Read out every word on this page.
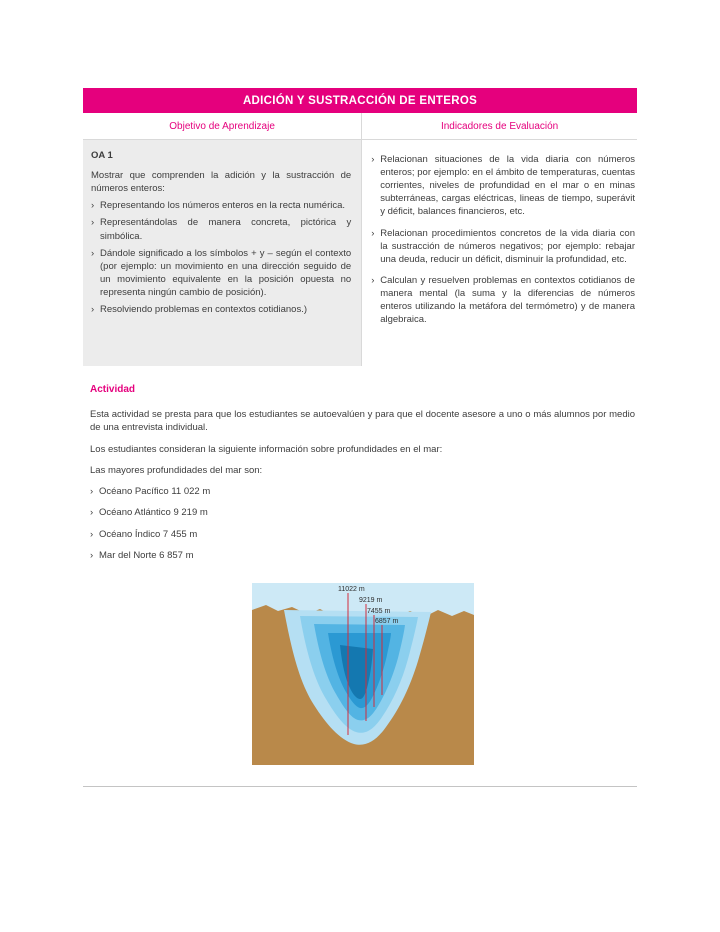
ADICIÓN Y SUSTRACCIÓN DE ENTEROS
Objetivo de Aprendizaje	Indicadores de Evaluación

OA 1

Mostrar que comprenden la adición y la sustracción de números enteros:

› Representando los números enteros en la recta numérica.
› Representándolas de manera concreta, pictórica y simbólica.
› Dándole significado a los símbolos + y – según el contexto (por ejemplo: un movimiento en una dirección seguido de un movimiento equivalente en la posición opuesta no representa ningún cambio de posición).
› Resolviendo problemas en contextos cotidianos.)
› Relacionan situaciones de la vida diaria con números enteros; por ejemplo: en el ámbito de temperaturas, cuentas corrientes, niveles de profundidad en el mar o en minas subterráneas, cargas eléctricas, lineas de tiempo, superávit y déficit, balances financieros, etc.
› Relacionan procedimientos concretos de la vida diaria con la sustracción de números negativos; por ejemplo: rebajar una deuda, reducir un déficit, disminuir la profundidad, etc.
› Calculan y resuelven problemas en contextos cotidianos de manera mental (la suma y la diferencias de números enteros utilizando la metáfora del termómetro) y de manera algebraica.

Actividad

Esta actividad se presta para que los estudiantes se autoevalúen y para que el docente asesore a uno o más alumnos por medio de una entrevista individual.

Los estudiantes consideran la siguiente información sobre profundidades en el mar:

Las mayores profundidades del mar son:

› Océano Pacífico 11 022 m
› Océano Atlántico 9 219 m
› Océano Índico 7 455 m
› Mar del Norte 6 857 m
11022 m
9219 m
7455 m
6857 m
